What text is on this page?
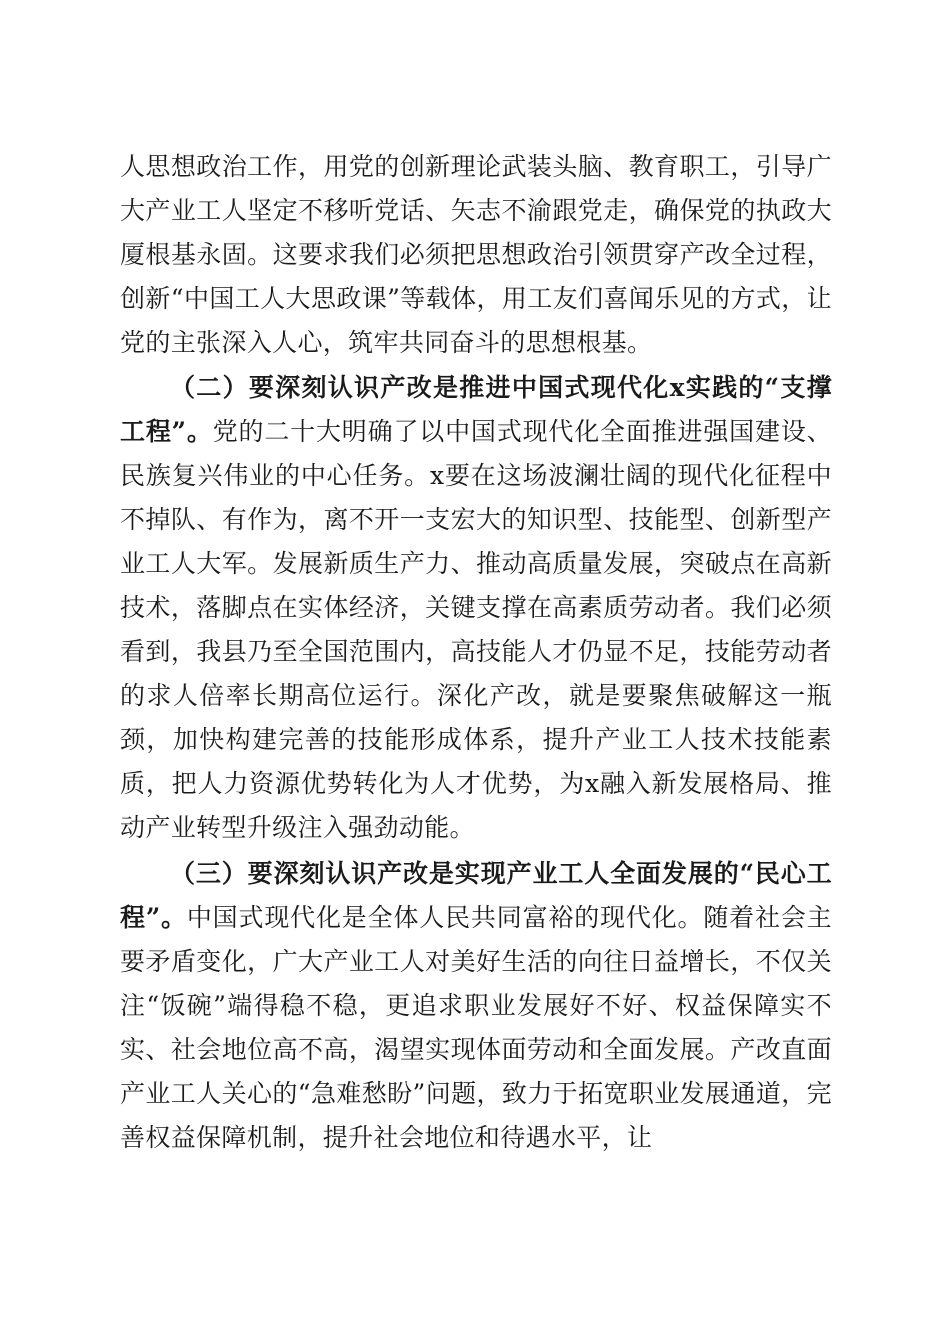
人思想政治工作，用党的创新理论武装头脑、教育职工，引导广大产业工人坚定不移听党话、矢志不渝跟党走，确保党的执政大厦根基永固。这要求我们必须把思想政治引领贯穿产改全过程，创新“中国工人大思政课”等载体，用工友们喜闻乐见的方式，让党的主张深入人心，筑牢共同奋斗的思想根基。

（二）要深刻认识产改是推进中国式现代化x实践的“支撑工程”。党的二十大明确了以中国式现代化全面推进强国建设、民族复兴伟业的中心任务。x要在这场波澜壮阔的现代化征程中不掉队、有作为，离不开一支宏大的知识型、技能型、创新型产业工人大军。发展新质生产力、推动高质量发展，突破点在高新技术，落脚点在实体经济，关键支撑在高素质劳动者。我们必须看到，我县乃至全国范围内，高技能人才仍显不足，技能劳动者的求人倍率长期高位运行。深化产改，就是要聚焦破解这一瓶颈，加快构建完善的技能形成体系，提升产业工人技术技能素质，把人力资源优势转化为人才优势，为x融入新发展格局、推动产业转型升级注入强劲动能。

（三）要深刻认识产改是实现产业工人全面发展的“民心工程”。中国式现代化是全体人民共同富裕的现代化。随着社会主要矛盾变化，广大产业工人对美好生活的向往日益增长，不仅关注“饭碗”端得稳不稳，更追求职业发展好不好、权益保障实不实、社会地位高不高，渴望实现体面劳动和全面发展。产改直面产业工人关心的“急难愁盼”问题，致力于拓宽职业发展通道，完善权益保障机制，提升社会地位和待遇水平，让
